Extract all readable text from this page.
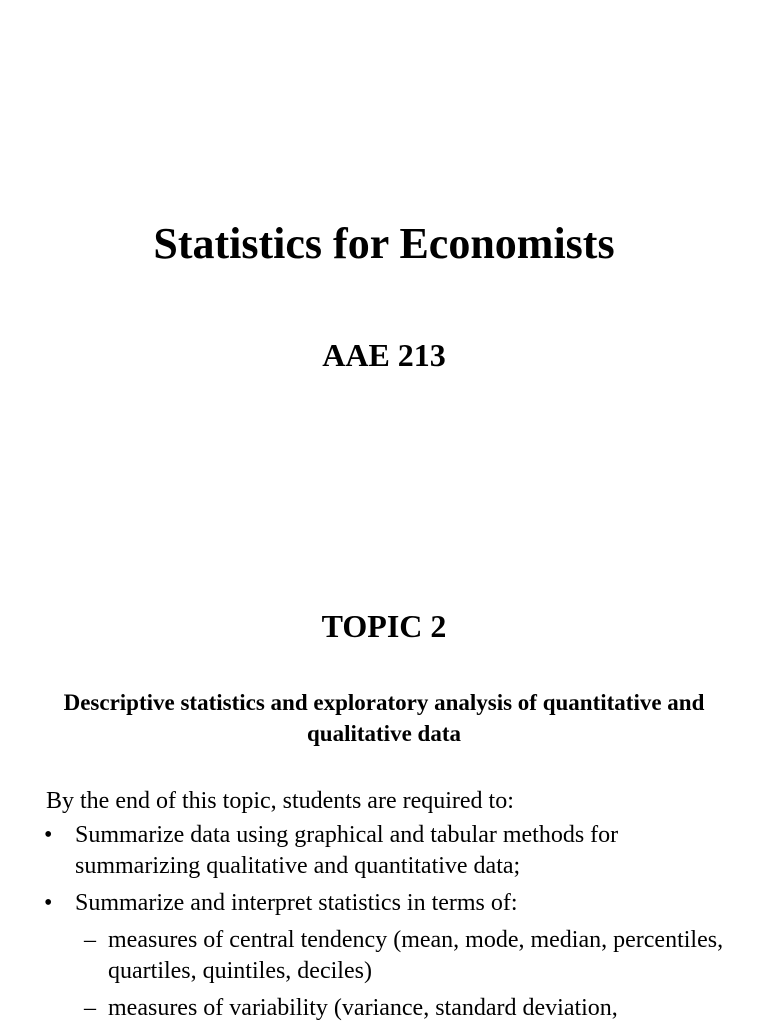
Statistics for Economists
AAE 213
TOPIC 2
Descriptive statistics and exploratory analysis of quantitative and qualitative data
By the end of this topic, students are required to:
• Summarize data using graphical and tabular methods for summarizing qualitative and quantitative data;
• Summarize and interpret statistics in terms of:
– measures of central tendency (mean, mode, median, percentiles, quartiles, quintiles, deciles)
– measures of variability (variance, standard deviation,
